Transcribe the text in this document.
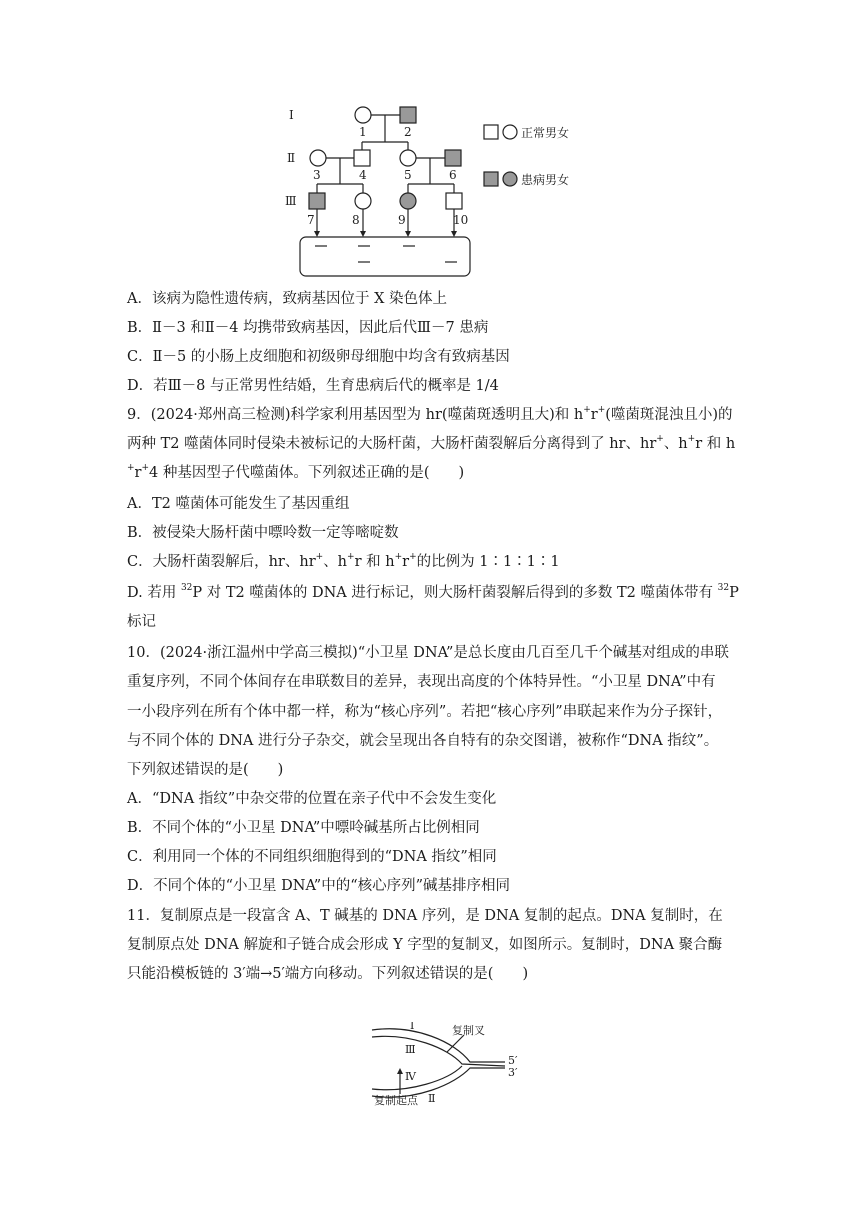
Ⅰ
Ⅱ
Ⅲ
1	2
3	4	5	6
7	8	9	10
正常男女
患病男女
A．该病为隐性遗传病，致病基因位于 X 染色体上
B．Ⅱ－3 和Ⅱ－4 均携带致病基因，因此后代Ⅲ－7 患病
C．Ⅱ－5 的小肠上皮细胞和初级卵母细胞中均含有致病基因
D．若Ⅲ－8 与正常男性结婚，生育患病后代的概率是 1/4
9．(2024·郑州高三检测)科学家利用基因型为 hr(噬菌斑透明且大)和 h+r+(噬菌斑混浊且小)的
两种 T2 噬菌体同时侵染未被标记的大肠杆菌，大肠杆菌裂解后分离得到了 hr、hr+、h+r 和 h
+r+4 种基因型子代噬菌体。下列叙述正确的是(　　)
A．T2 噬菌体可能发生了基因重组
B．被侵染大肠杆菌中嘌呤数一定等嘧啶数
C．大肠杆菌裂解后，hr、hr+、h+r 和 h+r+的比例为 1∶1∶1∶1
D. 若用 $^{32}$P 对 T2 噬菌体的 DNA 进行标记，则大肠杆菌裂解后得到的多数 T2 噬菌体带有 $^{32}$P
标记
10．(2024·浙江温州中学高三模拟)“小卫星 DNA”是总长度由几百至几千个碱基对组成的串联
重复序列，不同个体间存在串联数目的差异，表现出高度的个体特异性。“小卫星 DNA”中有
一小段序列在所有个体中都一样，称为“核心序列”。若把“核心序列”串联起来作为分子探针，
与不同个体的 DNA 进行分子杂交，就会呈现出各自特有的杂交图谱，被称作“DNA 指纹”。
下列叙述错误的是(　　)
A．“DNA 指纹”中杂交带的位置在亲子代中不会发生变化
B．不同个体的“小卫星 DNA”中嘌呤碱基所占比例相同
C．利用同一个体的不同组织细胞得到的“DNA 指纹”相同
D．不同个体的“小卫星 DNA”中的“核心序列”碱基排序相同
11．复制原点是一段富含 A、T 碱基的 DNA 序列，是 DNA 复制的起点。DNA 复制时，在
复制原点处 DNA 解旋和子链合成会形成 Y 字型的复制叉，如图所示。复制时，DNA 聚合酶
只能沿模板链的 3′端→5′端方向移动。下列叙述错误的是(　　)
Ⅰ
Ⅲ
Ⅳ
Ⅱ
复制叉
5′
3′
复制起点
